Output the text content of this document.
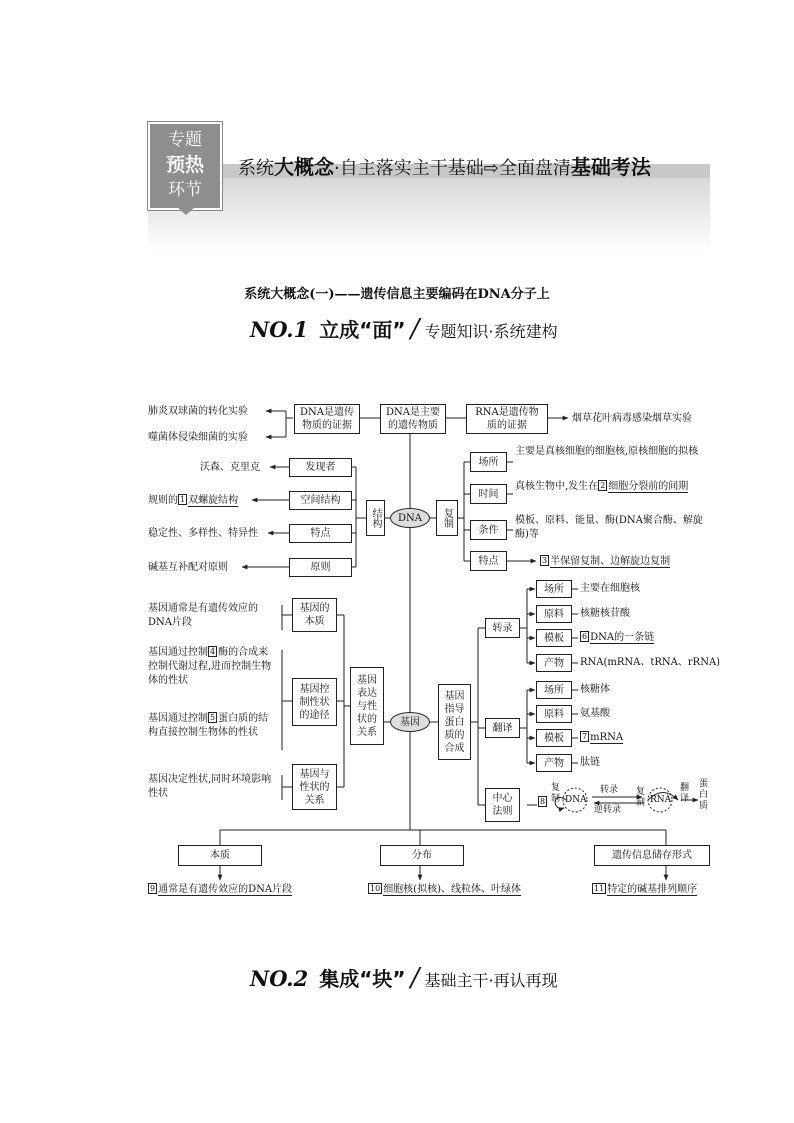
专题
预热
环节
系统大概念·自主落实主干基础⇨全面盘清基础考法
系统大概念(一)——遗传信息主要编码在DNA分子上
NO.1 立成“面” / 专题知识·系统建构
NO.2 集成“块” / 基础主干·再认再现
肺炎双球菌的转化实验
噬菌体侵染细菌的实验
DNA是遗传物质的证据
DNA是主要的遗传物质
RNA是遗传物质的证据
烟草花叶病毒感染烟草实验
沃森、克里克	发现者
规则的 1 双螺旋结构	空间结构
稳定性、多样性、特异性	特点
碱基互补配对原则	原则
结构	DNA	复制
场所
主要是真核细胞的细胞核,原核细胞的拟核
时间
真核生物中,发生在 2 细胞分裂前的间期
条件
模板、原料、能量、酶(DNA聚合酶、解旋酶)等
特点	3 半保留复制、边解旋边复制
基因通常是有遗传效应的DNA片段
基因的本质
基因通过控制 4 酶的合成来控制代谢过程,进而控制生物体的性状
基因通过控制 5 蛋白质的结构直接控制生物体的性状
基因控制性状的途径
基因决定性状,同时环境影响性状
基因与性状的关系
基因表达与性状的关系
基因
基因指导蛋白质的合成
转录
场所	主要在细胞核
原料	核糖核苷酸
模板	6 DNA的一条链
产物	RNA(mRNA、tRNA、rRNA)
翻译
场所	核糖体
原料	氨基酸
模板	7 mRNA
产物	肽链
中心法则
8
复制 DNA
转录
逆转录
复制 RNA
翻译
蛋白质
本质
9 通常是有遗传效应的DNA片段
分布
10 细胞核(拟核)、线粒体、叶绿体
遗传信息储存形式
11 特定的碱基排列顺序
